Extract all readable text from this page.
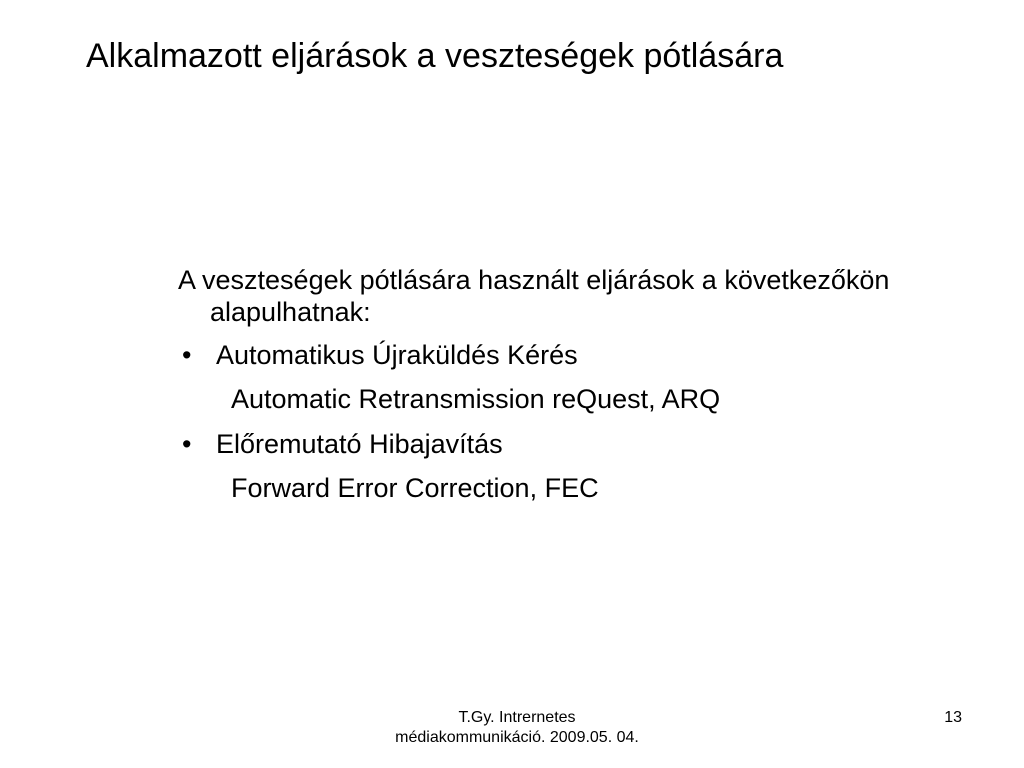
Alkalmazott eljárások a veszteségek pótlására
A veszteségek pótlására használt eljárások a következőkön alapulhatnak:
• Automatikus Újraküldés Kérés
Automatic Retransmission reQuest, ARQ
• Előremutató Hibajavítás
Forward Error Correction, FEC
T.Gy. Intrernetes
médiakommunikáció. 2009.05. 04.
13
